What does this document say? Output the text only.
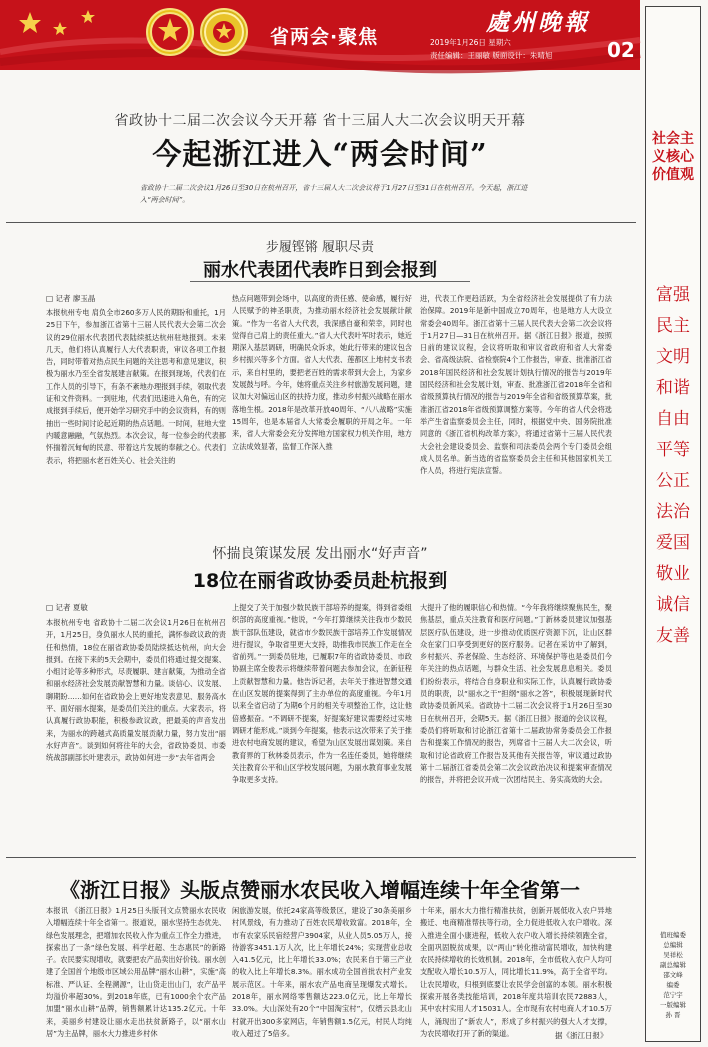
省两会·聚焦
處州晚報
2019年1月26日 星期六
责任编辑：王丽敏 版面设计：朱晴旭	02
社会主义核心价值观
富强
民主
文明
和谐
自由
平等
公正
法治
爱国
敬业
诚信
友善
值班编委
总编辑
吴祥松
副总编辑
邵文峰
编委
范宁宇
一版编辑
孙 晋
省政协十二届二次会议今天开幕 省十三届人大二次会议明天开幕
今起浙江进入“两会时间”
省政协十二届二次会议1月26日至30日在杭州召开，省十三届人大二次会议将于1月27日至31日在杭州召开。今天起，浙江进入“两会时间”。
步履铿锵 履职尽责
丽水代表团代表昨日到会报到
□ 记者 廖玉晶
本报杭州专电 肩负全市260多万人民的期盼和重托，1月25日下午，参加浙江省第十三届人民代表大会第二次会议的29位丽水代表团代表陆续抵达杭州驻地报到。未来几天，他们将认真履行人大代表职责，审议各项工作报告，同时带着对热点民生问题的关注思考和意见建议，积极为丽水乃至全省发展建言献策。在报到现场，代表们在工作人员的引导下，有条不紊地办理报到手续，领取代表证和文件资料。一到驻地，代表们迅速进入角色，有的完成报到手续后，便开始学习研究手中的会议资料，有的则抽出一些时间讨论起近期的热点话题。一时间，驻地大堂内暖意融融，气氛热烈。本次会议，每一位参会的代表都怀揣着沉甸甸的民意、带着这片发展的奉献之心。代表们表示，将把丽水老百姓关心、社会关注的
热点问题带到会场中，以高度的责任感、使命感，履行好人民赋予的神圣职责，为推动丽水经济社会发展献计献策。“作为一名省人大代表，我深感自豪和荣幸，同时也觉得自己肩上的责任重大。”省人大代表叶军时表示，她近期深入基层调研，明确民众诉求，她此行带来的建议包含乡村振兴等多个方面。省人大代表、莲都区上地村支书表示，来自村里的，要把老百姓的需求带到大会上，为家乡发展鼓与呼。今年，她将重点关注乡村旅游发展问题，建议加大对偏远山区的扶持力度，推动乡村振兴战略在丽水落地生根。2018年是改革开放40周年、“八八战略”实施15周年，也是本届省人大常委会履职的开局之年。一年来，省人大常委会充分发挥地方国家权力机关作用，地方立法成效显著，监督工作深入推
进，代表工作更趋活跃，为全省经济社会发展提供了有力法治保障。2019年是新中国成立70周年，也是地方人大设立常委会40周年。浙江省第十三届人民代表大会第二次会议将于1月27日—31日在杭州召开。据《浙江日报》报道，按照日前的建议议程，会议将听取和审议省政府和省人大常委会、省高级法院、省检察院4个工作报告，审查、批准浙江省2018年国民经济和社会发展计划执行情况的报告与2019年国民经济和社会发展计划，审查、批准浙江省2018年全省和省级预算执行情况的报告与2019年全省和省级预算草案，批准浙江省2018年省级预算调整方案等。今年的省人代会将选举产生省监察委员会主任，同时，根据党中央、国务院批准同意的《浙江省机构改革方案》，将通过省第十三届人民代表大会社会建设委员会、监察和司法委员会两个专门委员会组成人员名单。新当选的省监察委员会主任和其他国家机关工作人员，将进行宪法宣誓。
怀揣良策谋发展 发出丽水“好声音”
18位在丽省政协委员赴杭报到
□ 记者 夏敏
本报杭州专电 省政协十二届二次会议1月26日在杭州召开，1月25日，身负丽水人民的重托，满怀参政议政的责任和热情，18位在丽省政协委员陆续抵达杭州，向大会报到。在接下来的5天会期中，委员们将通过提交提案、小组讨论等多种形式，尽责履职、建言献策，为推动全省和丽水经济社会发展贡献智慧和力量。谈信心、议发展、聊期盼……如何在省政协会上更好地发表意见、服务高水平、面好丽水提案，是委员们关注的重点。大家表示，将认真履行政协职能，积极参政议政，把最美的声音发出来，为丽水的跨越式高质量发展贡献力量，努力发出“丽水好声音”。谈到如何将往年的大会，省政协委员、市委统战部副部长叶建表示，政协如何进一步“去年省两会
上提交了关于加强少数民族干部培养的提案，得到省委组织部的高度重视。”他说，“今年打算继续关注我市少数民族干部队伍建设，就省市少数民族干部培养工作发展情况进行提议，争取省里更大支持，助推我市民族工作走在全省前列。”一到委员驻地，已履职7年的省政协委员、市政协副主席全俊表示将继续带着问题去参加会议，在新征程上贡献智慧和力量。他告诉记者，去年关于推进智慧交通在山区发展的提案得到了主办单位的高度重视。今年1月以来全省启动了为期6个月的相关专项整治工作，这让他倍感振奋。“不调研不提案，好提案好建议需要经过实地调研才能形成。”谈到今年提案，他表示这次带来了关于推进农村电商发展的建议，希望为山区发展出谋划策。来自教育界的丁秋林委员表示，作为一名连任委员，她将继续关注教育公平和山区学校发展问题，为丽水教育事业发展争取更多支持。
大提升了他的履职信心和热情。“今年我将继续聚焦民生，聚焦基层，重点关注教育和医疗问题。”丁新林委员建议加强基层医疗队伍建设，进一步推动优质医疗资源下沉，让山区群众在家门口享受到更好的医疗服务。记者在采访中了解到，乡村振兴、养老保险、生态经济、环境保护等也是委员们今年关注的热点话题，与群众生活、社会发展息息相关。委员们纷纷表示，将结合自身职业和实际工作，认真履行政协委员的职责，以“丽水之干”担纲“丽水之答”，积极展现新时代政协委员新风采。省政协十二届二次会议将于1月26日至30日在杭州召开，会期5天。据《浙江日报》报道的会议议程，委员们将听取和讨论浙江省第十二届政协常务委员会工作报告和提案工作情况的报告，列席省十三届人大二次会议，听取和讨论省政府工作报告及其他有关报告等，审议通过政协第十二届浙江省委员会第二次会议政治决议和提案审查情况的报告，并将把会议开成一次团结民主、务实高效的大会。
《浙江日报》头版点赞丽水农民收入增幅连续十年全省第一
本报讯 《浙江日报》1月25日头版刊文点赞丽水农民收入增幅连续十年全省第一。报道说，丽水坚持生态优先、绿色发展理念，把增加农民收入作为重点工作全力推进，探索出了一条“绿色发展、科学赶超、生态惠民”的新路子。农民要实现增收，就要把农产品卖出好价钱。丽水创建了全国首个地级市区域公用品牌“丽水山耕”，实施“高标准、严认证、全程溯源”，让山货走出山门，农产品平均溢价率超30%。到2018年底，已有1000余个农产品加盟“丽水山耕”品牌，销售额累计达135.2亿元。十年来，美丽乡村建设让丽水走出扶贫新路子，以“丽水山居”为主品牌，丽水大力推进乡村休
闲旅游发展，依托24家高等级景区，建设了30条美丽乡村风景线，有力推动了百姓农民增收致富。2018年，全市有农家乐民宿经营户3904家，从业人员5.05万人，接待游客3451.1万人次，比上年增长24%；实现营业总收入41.5亿元，比上年增长33.0%；农民来自于第三产业的收入比上年增长8.3%。丽水成功全国首批农村产业发展示范区。十年来，丽水农产品电商呈现爆发式增长。2018年，丽水网络零售额达223.0亿元，比上年增长33.0%。大山深处有20个“中国淘宝村”，仅缙云县北山村就开出300多家网店，年销售额1.5亿元，村民人均纯收入超过了5倍多。
十年来，丽水大力推行精准扶贫，创新开展低收入农户异地搬迁、电商精准帮扶等行动，全力促进低收入农户增收。深入推进全面小康进程，低收入农户收入增长持续领跑全省，全面巩固脱贫成果，以“两山”转化推动富民增收，加快构建农民持续增收的长效机制。2018年，全市低收入农户人均可支配收入增长10.5万人，同比增长11.9%，高于全省平均。让农民增收，归根到底要让农民学会创富的本领。丽水积极探索开展各类技能培训，2018年度共培训农民72883人，其中农村实用人才15031人。全市现有农村电商人才10.5万人，涌现出了“新农人”，形成了乡村振兴的强大人才支撑，为农民增收打开了新的渠道。	据《浙江日报》
